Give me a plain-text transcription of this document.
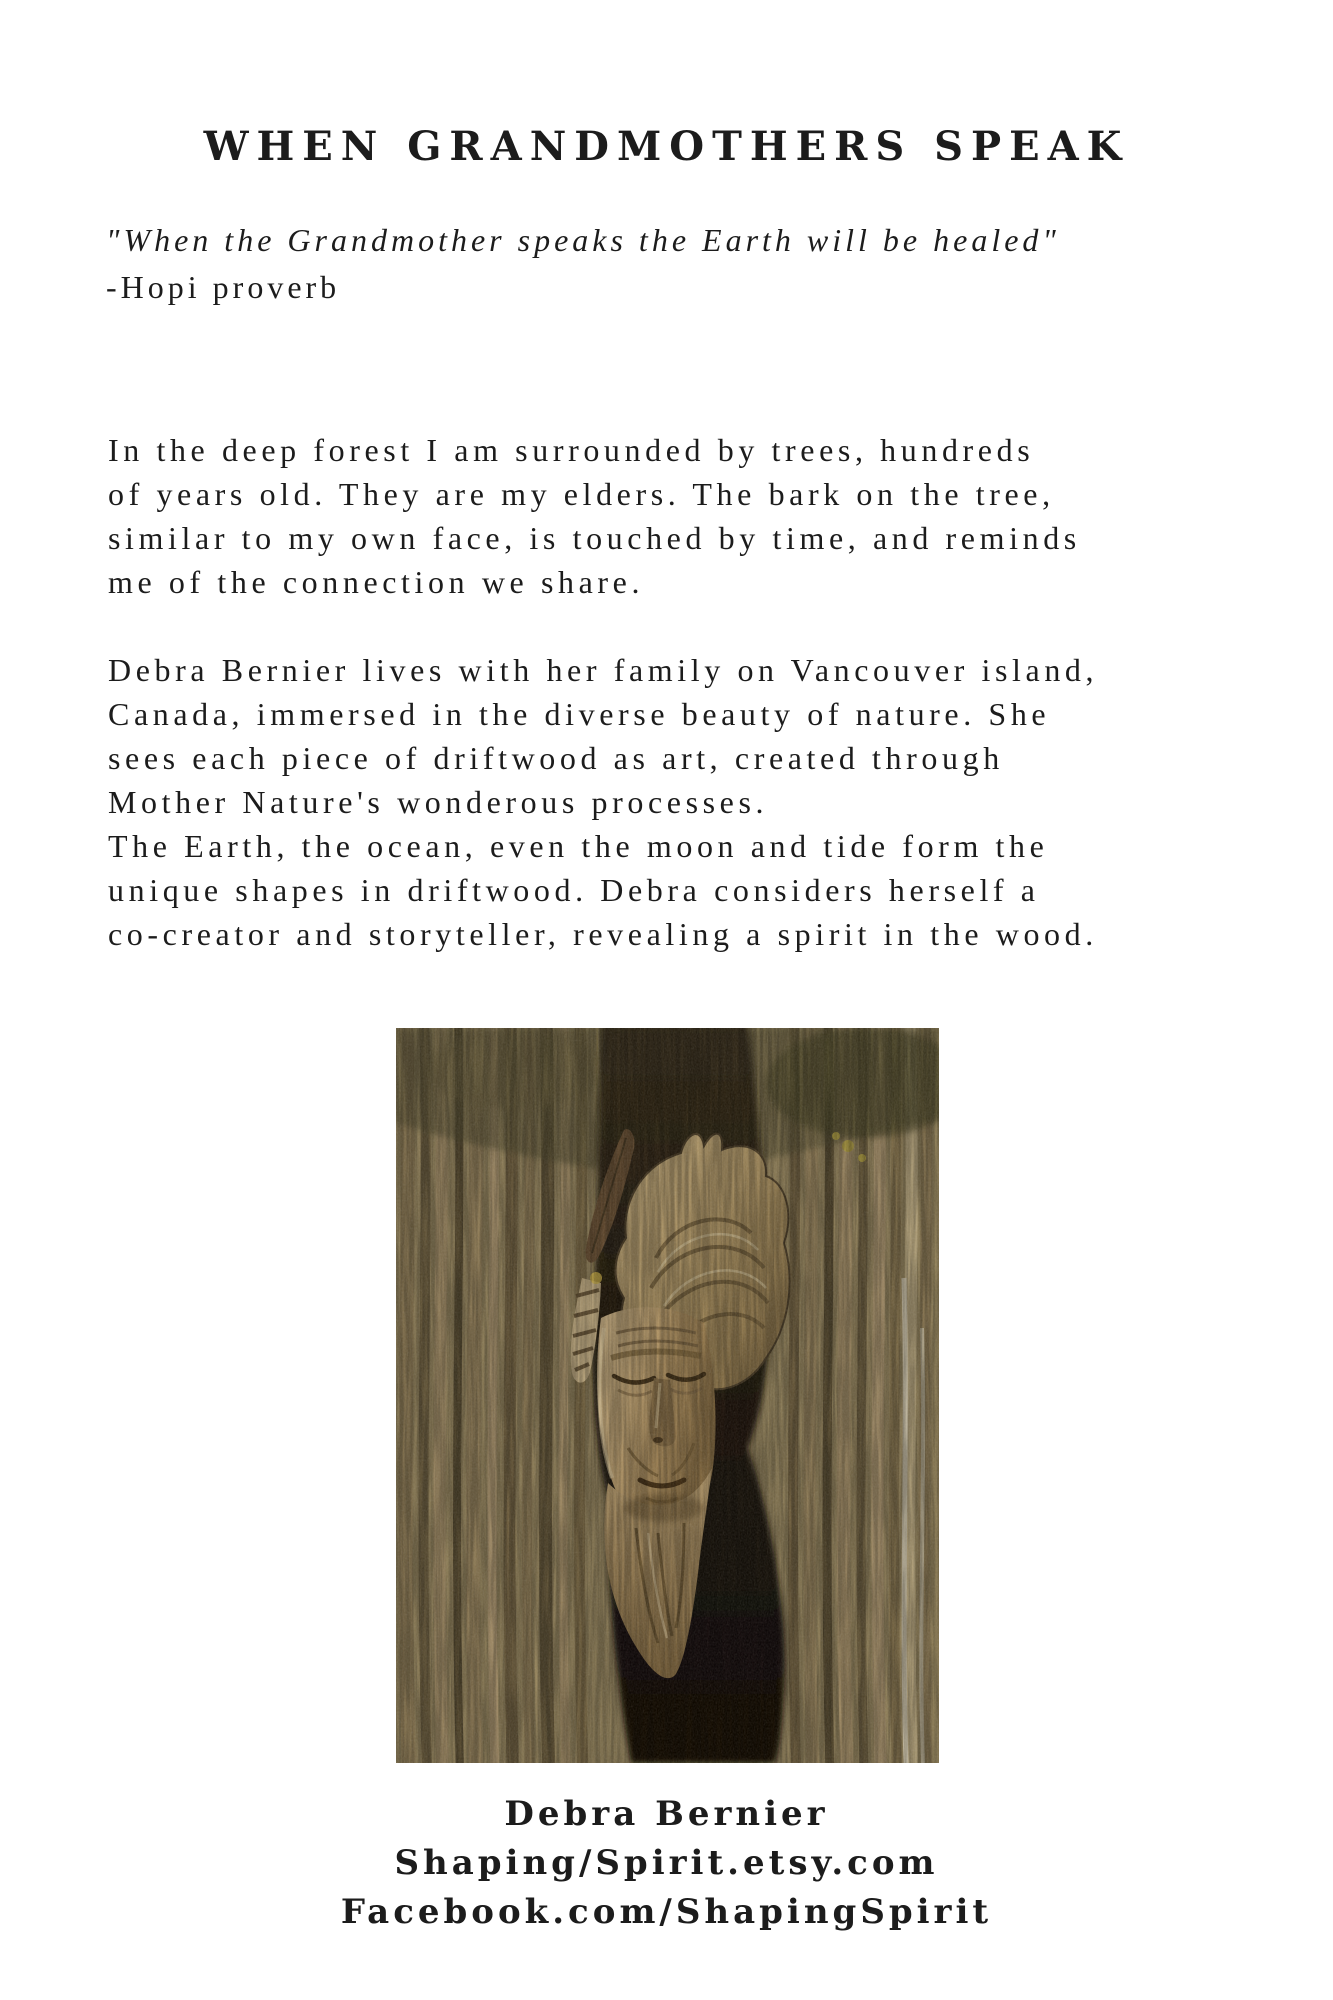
WHEN GRANDMOTHERS SPEAK
"When the Grandmother speaks the Earth will be healed"
-Hopi proverb
In the deep forest I am surrounded by trees, hundreds
of years old. They are my elders. The bark on the tree,
similar to my own face, is touched by time, and reminds
me of the connection we share.
Debra Bernier lives with her family on Vancouver island,
Canada, immersed in the diverse beauty of nature. She
sees each piece of driftwood as art, created through
Mother Nature's wonderous processes.
The Earth, the ocean, even the moon and tide form the
unique shapes in driftwood. Debra considers herself a
co-creator and storyteller, revealing a spirit in the wood.
Debra Bernier
Shaping/Spirit.etsy.com
Facebook.com/ShapingSpirit
